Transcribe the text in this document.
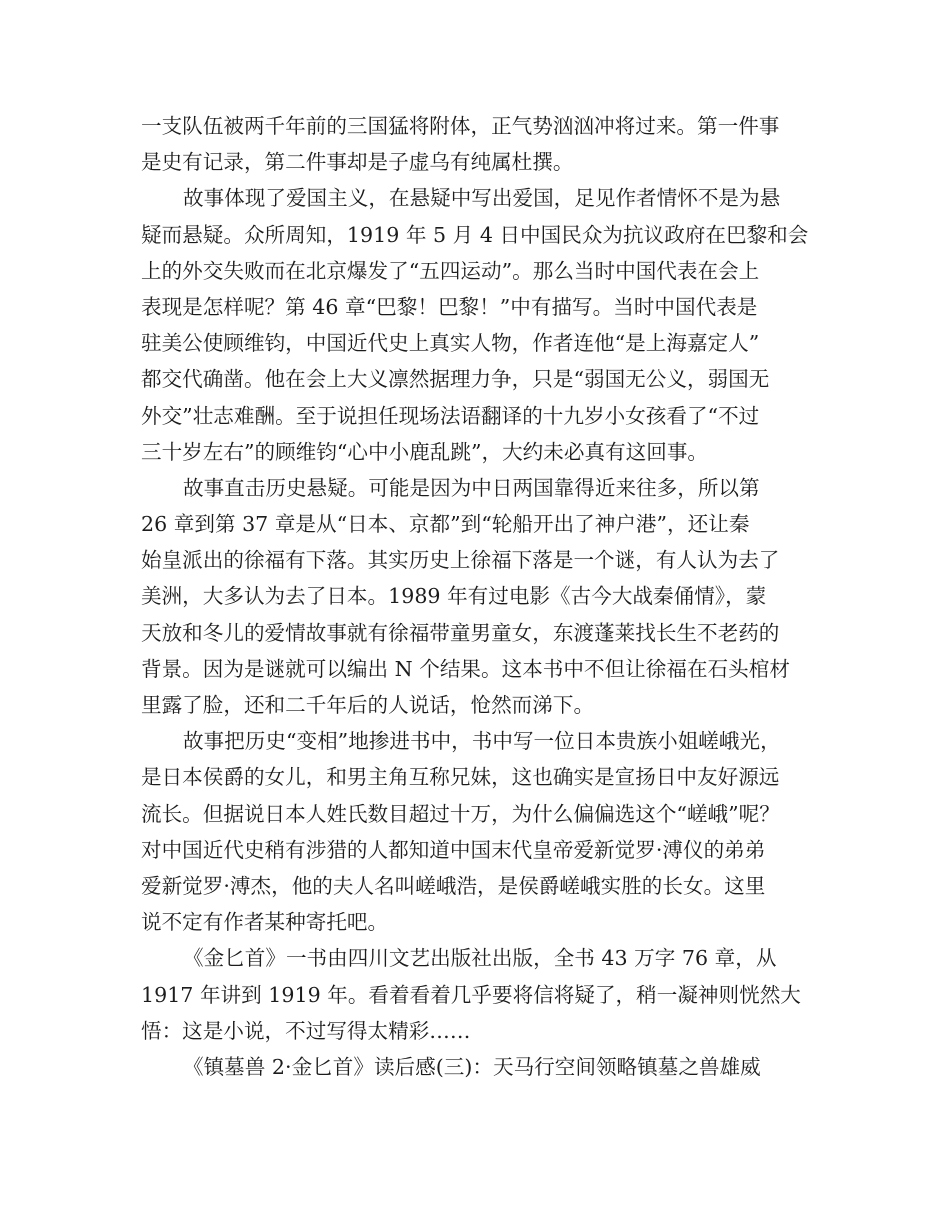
一支队伍被两千年前的三国猛将附体，正气势汹汹冲将过来。第一件事
是史有记录，第二件事却是子虚乌有纯属杜撰。
故事体现了爱国主义，在悬疑中写出爱国，足见作者情怀不是为悬
疑而悬疑。众所周知，1919 年 5 月 4 日中国民众为抗议政府在巴黎和会
上的外交失败而在北京爆发了“五四运动”。那么当时中国代表在会上
表现是怎样呢？第 46 章“巴黎！巴黎！”中有描写。当时中国代表是
驻美公使顾维钧，中国近代史上真实人物，作者连他“是上海嘉定人”
都交代确凿。他在会上大义凛然据理力争，只是“弱国无公义，弱国无
外交”壮志难酬。至于说担任现场法语翻译的十九岁小女孩看了“不过
三十岁左右”的顾维钧“心中小鹿乱跳”，大约未必真有这回事。
故事直击历史悬疑。可能是因为中日两国靠得近来往多，所以第
26 章到第 37 章是从“日本、京都”到“轮船开出了神户港”，还让秦
始皇派出的徐福有下落。其实历史上徐福下落是一个谜，有人认为去了
美洲，大多认为去了日本。1989 年有过电影《古今大战秦俑情》，蒙
天放和冬儿的爱情故事就有徐福带童男童女，东渡蓬莱找长生不老药的
背景。因为是谜就可以编出 N 个结果。这本书中不但让徐福在石头棺材
里露了脸，还和二千年后的人说话，怆然而涕下。
故事把历史“变相”地掺进书中，书中写一位日本贵族小姐嵯峨光，
是日本侯爵的女儿，和男主角互称兄妹，这也确实是宣扬日中友好源远
流长。但据说日本人姓氏数目超过十万，为什么偏偏选这个“嵯峨”呢？
对中国近代史稍有涉猎的人都知道中国末代皇帝爱新觉罗·溥仪的弟弟
爱新觉罗·溥杰，他的夫人名叫嵯峨浩，是侯爵嵯峨实胜的长女。这里
说不定有作者某种寄托吧。
《金匕首》一书由四川文艺出版社出版，全书 43 万字 76 章，从
1917 年讲到 1919 年。看着看着几乎要将信将疑了，稍一凝神则恍然大
悟：这是小说，不过写得太精彩……
《镇墓兽 2·金匕首》读后感(三)：天马行空间领略镇墓之兽雄威
